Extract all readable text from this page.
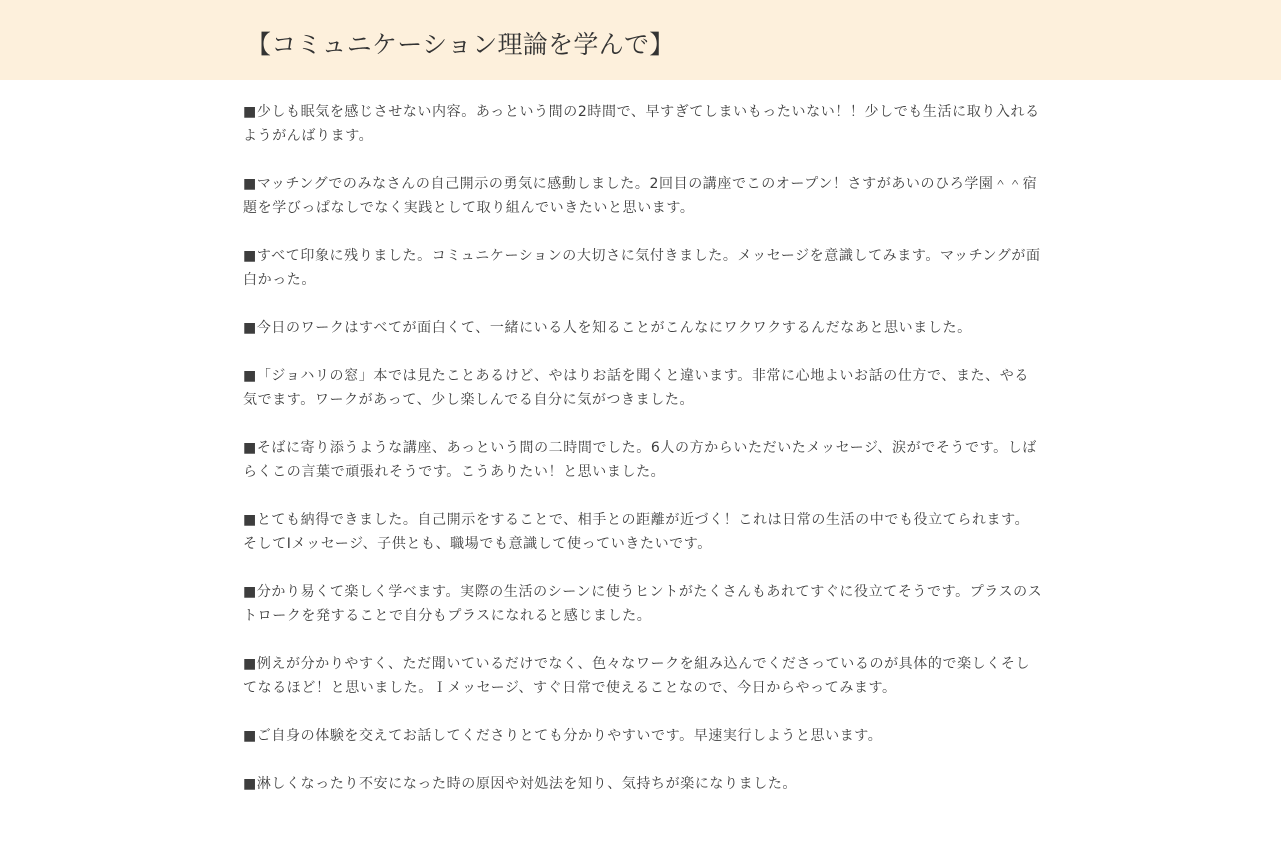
【コミュニケーション理論を学んで】
■少しも眠気を感じさせない内容。あっという間の2時間で、早すぎてしまいもったいない！！少しでも生活に取り入れるようがんばります。
■マッチングでのみなさんの自己開示の勇気に感動しました。2回目の講座でこのオープン！さすがあいのひろ学園＾＾宿題を学びっぱなしでなく実践として取り組んでいきたいと思います。
■すべて印象に残りました。コミュニケーションの大切さに気付きました。メッセージを意識してみます。マッチングが面白かった。
■今日のワークはすべてが面白くて、一緒にいる人を知ることがこんなにワクワクするんだなあと思いました。
■「ジョハリの窓」本では見たことあるけど、やはりお話を聞くと違います。非常に心地よいお話の仕方で、また、やる気でます。ワークがあって、少し楽しんでる自分に気がつきました。
■そばに寄り添うような講座、あっという間の二時間でした。6人の方からいただいたメッセージ、涙がでそうです。しばらくこの言葉で頑張れそうです。こうありたい！と思いました。
■とても納得できました。自己開示をすることで、相手との距離が近づく！これは日常の生活の中でも役立てられます。そしてIメッセージ、子供とも、職場でも意識して使っていきたいです。
■分かり易くて楽しく学べます。実際の生活のシーンに使うヒントがたくさんもあれてすぐに役立てそうです。プラスのストロークを発することで自分もプラスになれると感じました。
■例えが分かりやすく、ただ聞いているだけでなく、色々なワークを組み込んでくださっているのが具体的で楽しくそしてなるほど！と思いました。Ｉメッセージ、すぐ日常で使えることなので、今日からやってみます。
■ご自身の体験を交えてお話してくださりとても分かりやすいです。早速実行しようと思います。
■淋しくなったり不安になった時の原因や対処法を知り、気持ちが楽になりました。
